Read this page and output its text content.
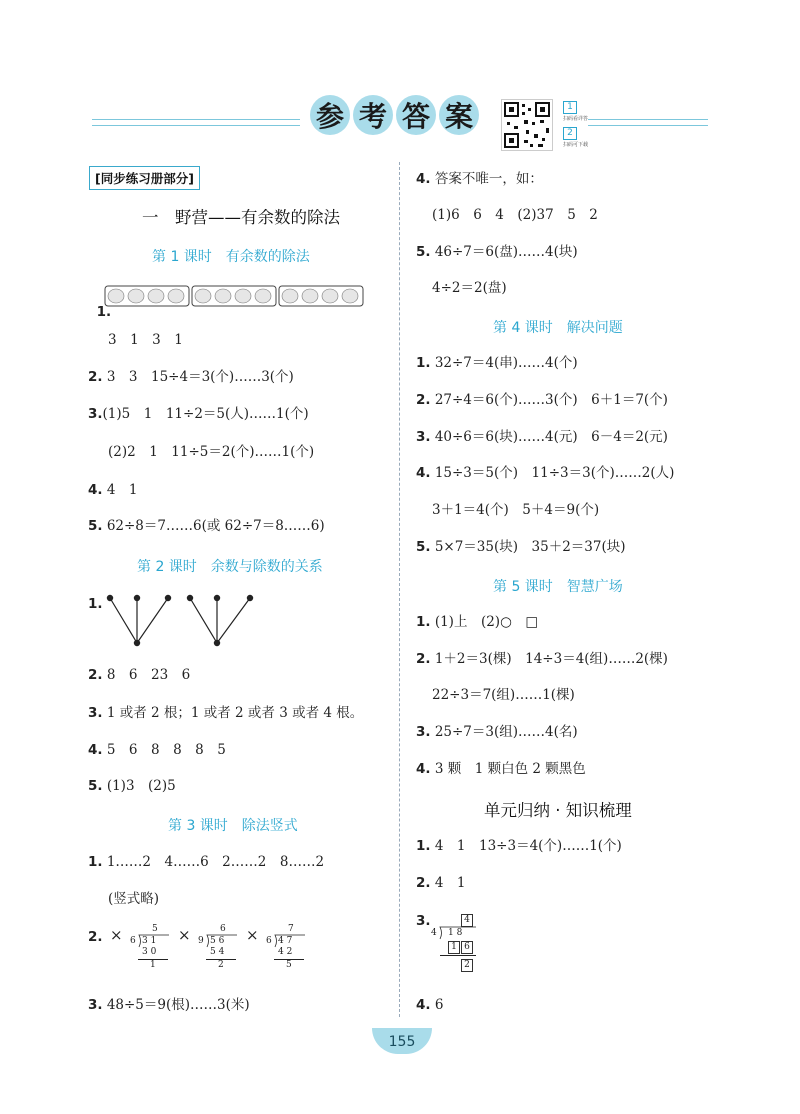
参 考 答 案	1
扫码看详答
2
扫码可下载
[同步练习册部分]
一　野营——有余数的除法
第 1 课时　有余数的除法

1.

3　1　3　1
2. 3　3　15÷4＝3(个)……3(个)
3.(1)5　1　11÷2＝5(人)……1(个)
(2)2　1　11÷5＝2(个)……1(个)
4. 4　1
5. 62÷8＝7……6(或 62÷7＝8……6)
第 2 课时　余数与除数的关系
1.
2. 8　6　23　6
3. 1 或者 2 根；1 或者 2 或者 3 或者 4 根。
4. 5　6　8　8　8　5
5. (1)3　(2)5
第 3 课时　除法竖式
1. 1……2　4……6　2……2　8……2
(竖式略)
2. ×	5
6 3 1
3 0
1
×	6
9 5 6
5 4
2
×	7
6 4 7
4 2
5
3. 48÷5＝9(根)……3(米)
4. 答案不唯一，如：
(1)6　6　4　(2)37　5　2
5. 46÷7＝6(盘)……4(块)
4÷2＝2(盘)
第 4 课时　解决问题
1. 32÷7＝4(串)……4(个)
2. 27÷4＝6(个)……3(个)　6＋1＝7(个)
3. 40÷6＝6(块)……4(元)　6－4＝2(元)
4. 15÷3＝5(个)　11÷3＝3(个)……2(人)
3＋1＝4(个)　5＋4＝9(个)
5. 5×7＝35(块)　35＋2＝37(块)
第 5 课时　智慧广场
1. (1)上　(2)○　□
2. 1＋2＝3(棵)　14÷3＝4(组)……2(棵)
22÷3＝7(组)……1(棵)
3. 25÷7＝3(组)……4(名)
4. 3 颗　1 颗白色 2 颗黑色
单元归纳 · 知识梳理
1. 4　1　13÷3＝4(个)……1(个)
2. 4　1
3.	4
4 1 8
1 6
2
4. 6
155
